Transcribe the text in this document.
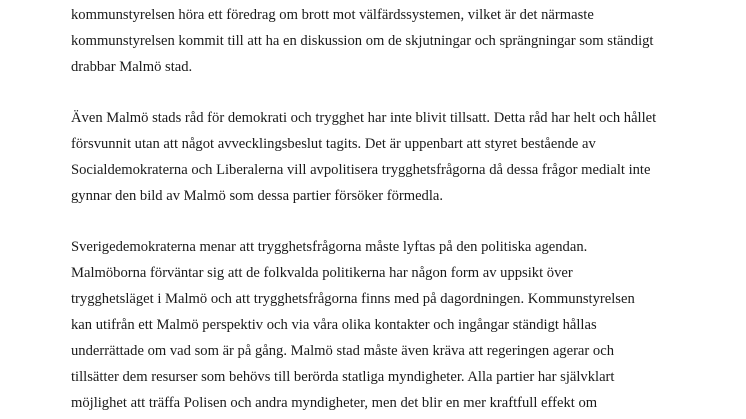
kommunstyrelsen höra ett föredrag om brott mot välfärdssystemen, vilket är det närmaste

kommunstyrelsen kommit till att ha en diskussion om de skjutningar och sprängningar som ständigt

drabbar Malmö stad.

Även Malmö stads råd för demokrati och trygghet har inte blivit tillsatt. Detta råd har helt och hållet

försvunnit utan att något avvecklingsbeslut tagits. Det är uppenbart att styret bestående av

Socialdemokraterna och Liberalerna vill avpolitisera trygghetsfrågorna då dessa frågor medialt inte

gynnar den bild av Malmö som dessa partier försöker förmedla.

Sverigedemokraterna menar att trygghetsfrågorna måste lyftas på den politiska agendan.

Malmöborna förväntar sig att de folkvalda politikerna har någon form av uppsikt över

trygghetsläget i Malmö och att trygghetsfrågorna finns med på dagordningen. Kommunstyrelsen

kan utifrån ett Malmö perspektiv och via våra olika kontakter och ingångar ständigt hållas

underrättade om vad som är på gång. Malmö stad måste även kräva att regeringen agerar och

tillsätter dem resurser som behövs till berörda statliga myndigheter. Alla partier har självklart

möjlighet att träffa Polisen och andra myndigheter, men det blir en mer kraftfull effekt om
